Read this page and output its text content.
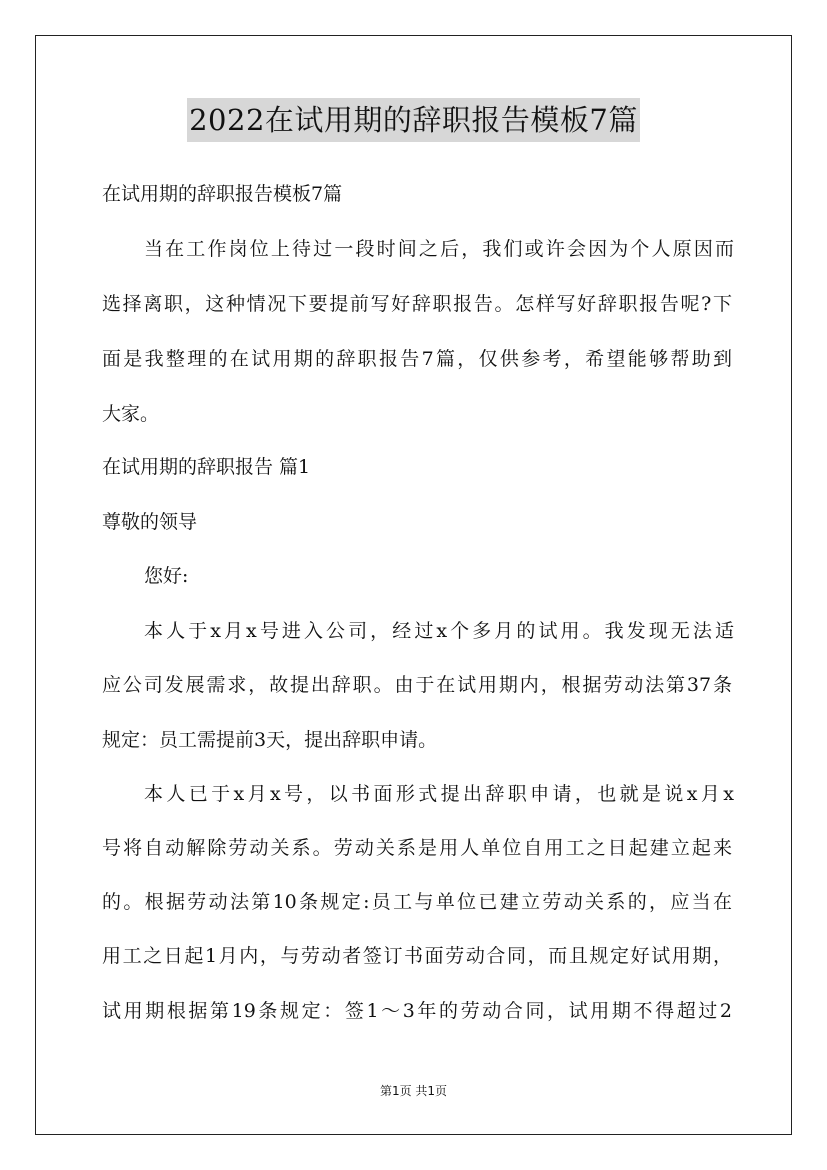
2022在试用期的辞职报告模板7篇
在试用期的辞职报告模板7篇
当在工作岗位上待过一段时间之后，我们或许会因为个人原因而
选择离职，这种情况下要提前写好辞职报告。怎样写好辞职报告呢?下
面是我整理的在试用期的辞职报告7篇，仅供参考，希望能够帮助到
大家。
在试用期的辞职报告 篇1
尊敬的领导
您好:
本人于x月x号进入公司，经过x个多月的试用。我发现无法适
应公司发展需求，故提出辞职。由于在试用期内，根据劳动法第37条
规定：员工需提前3天，提出辞职申请。
本人已于x月x号，以书面形式提出辞职申请，也就是说x月x
号将自动解除劳动关系。劳动关系是用人单位自用工之日起建立起来
的。根据劳动法第10条规定:员工与单位已建立劳动关系的，应当在
用工之日起1月内，与劳动者签订书面劳动合同，而且规定好试用期，
试用期根据第19条规定：签1～3年的劳动合同，试用期不得超过2
第1页 共1页
